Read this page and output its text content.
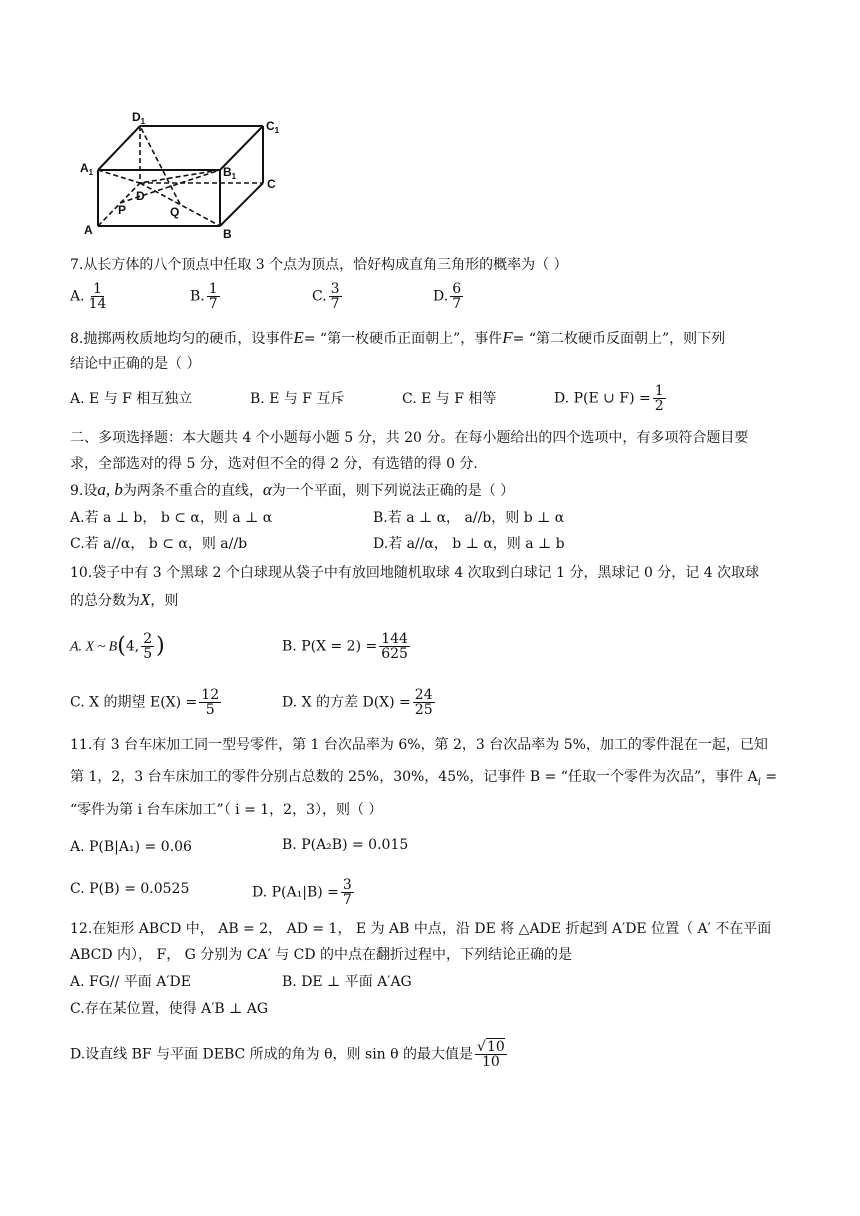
$D_1$	$C_1$
$A_1$	$B_1$
C
D
P	Q
A	B
7.从长方体的八个顶点中任取 3 个点为顶点，恰好构成直角三角形的概率为（ ）
A. $\frac{1}{14}$	B. $\frac{1}{7}$	C. $\frac{3}{7}$	D. $\frac{6}{7}$
8.抛掷两枚质地均匀的硬币，设事件E= “第一枚硬币正面朝上”，事件F= “第二枚硬币反面朝上”，则下列
结论中正确的是（ ）
A. E 与 F 相互独立	B. E 与 F 互斥	C. E 与 F 相等	D. P(E ∪ $F) = \frac{1}{2}$
二、多项选择题：本大题共 4 个小题每小题 5 分，共 20 分。在每小题给出的四个选项中，有多项符合题目要
求，全部选对的得 5 分，选对但不全的得 2 分，有选错的得 0 分.
9.设a, b为两条不重合的直线，α为一个平面，则下列说法正确的是（ ）
A.若 a ⊥ b， b ⊂ α，则 a ⊥ α	B.若 a ⊥ α， a//b，则 b ⊥ α
C.若 a//α， b ⊂ α，则 a//b	D.若 a//α， b ⊥ α，则 a ⊥ b
10.袋子中有 3 个黑球 2 个白球现从袋子中有放回地随机取球 4 次取到白球记 1 分，黑球记 0 分，记 4 次取球
的总分数为X，则
A. X ~ B(4, $\frac{2}{5}$ )	B. $P(X = 2) = \frac{144}{625}$
C. X 的期望 $E(X) = \frac{12}{5}$	D. X 的方差 $D(X) = \frac{24}{25}$
11.有 3 台车床加工同一型号零件，第 1 台次品率为 6%，第 2，3 台次品率为 5%，加工的零件混在一起，已知
第 1，2，3 台车床加工的零件分别占总数的 25%，30%，45%，记事件 B = “任取一个零件为次品”，事件 $A_i$ =
“零件为第 i 台车床加工”（ i = 1，2，3），则（ ）
A. P(B|A₁) = 0.06	B. P(A₂B) = 0.015
C. P(B) = 0.0525	D. $P(A_1|B) = \frac{3}{7}$
12.在矩形 ABCD 中， AB = 2， AD = 1， E 为 AB 中点，沿 DE 将 △ADE 折起到 A′DE 位置（ A′ 不在平面
ABCD 内）， F， G 分别为 CA′ 与 CD 的中点在翻折过程中，下列结论正确的是
A. FG// 平面 A′DE	B. DE ⊥ 平面 A′AG
C.存在某位置，使得 A′B ⊥ AG
D.设直线 BF 与平面 DEBC 所成的角为 θ，则 sin θ 的最大值是 $\frac{√10}{10}$
